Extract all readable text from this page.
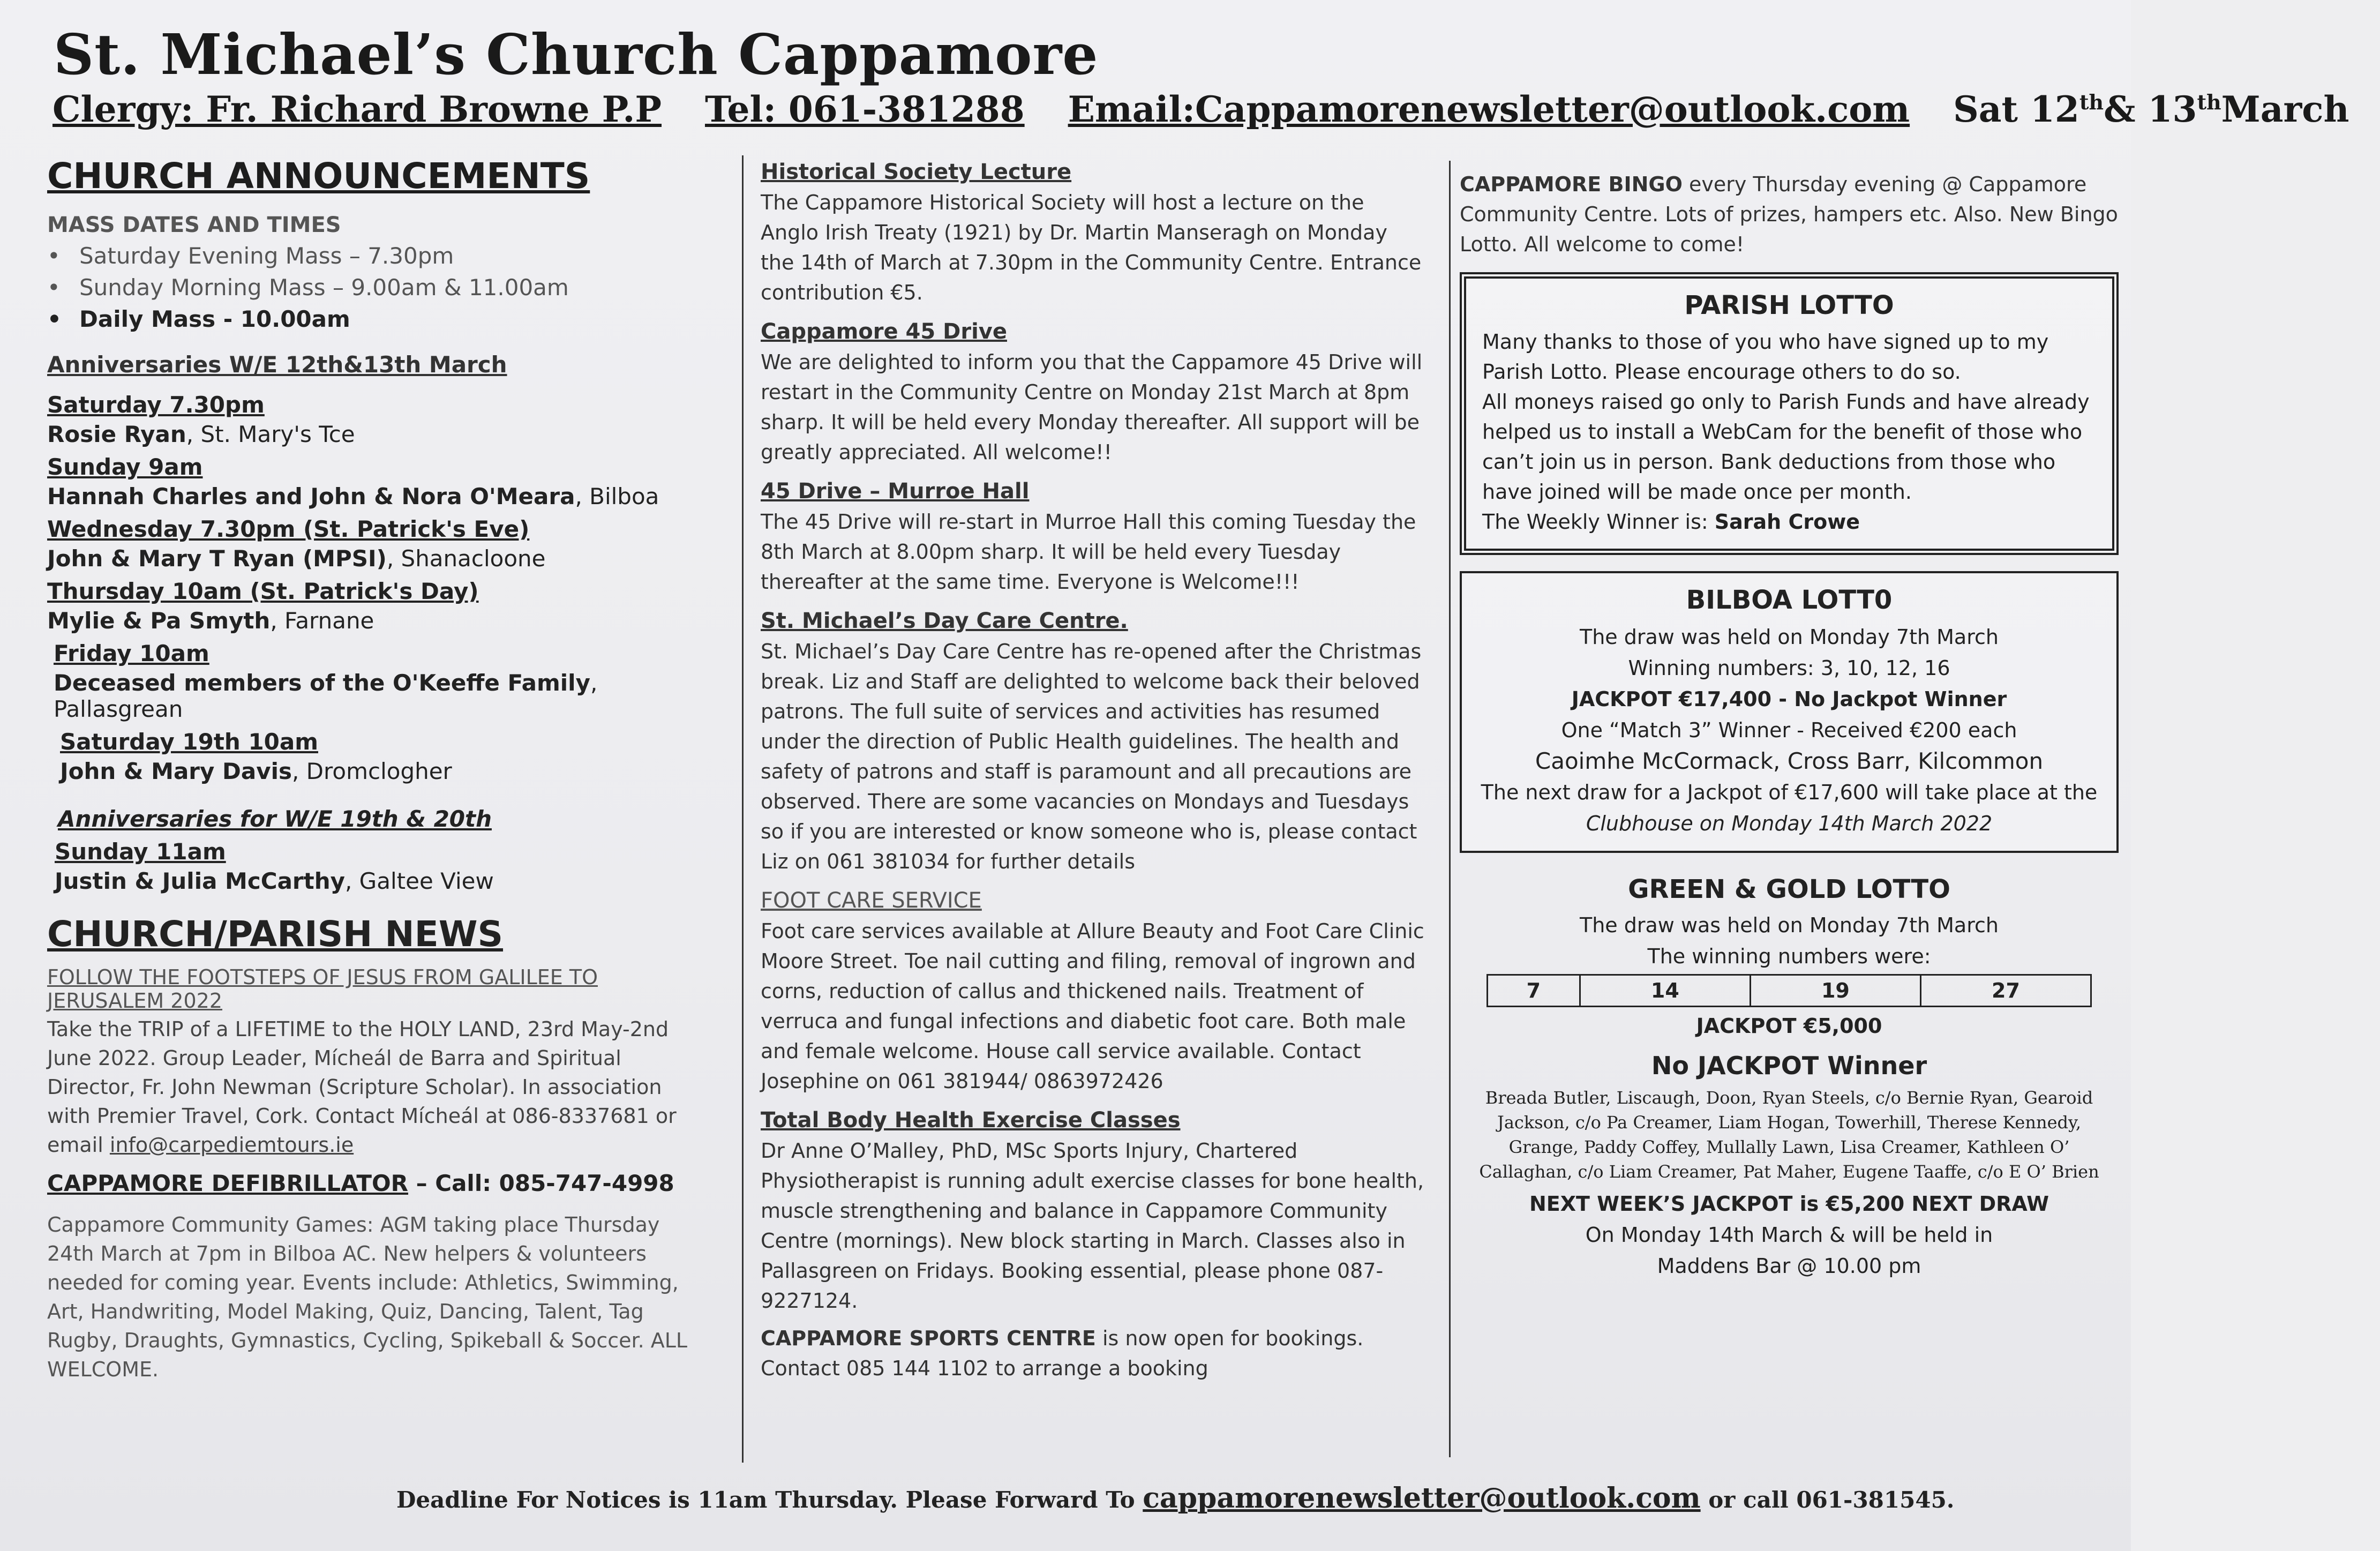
St. Michael’s Church Cappamore
Clergy: Fr. Richard Browne P.P Tel: 061-381288 Email:Cappamorenewsletter@outlook.com Sat 12th& 13thMarch
CHURCH ANNOUNCEMENTS
MASS DATES AND TIMES
• Saturday Evening Mass – 7.30pm
• Sunday Morning Mass – 9.00am & 11.00am
• Daily Mass - 10.00am
Anniversaries W/E 12th&13th March
Saturday 7.30pm
Rosie Ryan, St. Mary's Tce
Sunday 9am
Hannah Charles and John & Nora O'Meara, Bilboa
Wednesday 7.30pm (St. Patrick's Eve)
John & Mary T Ryan (MPSI), Shanacloone
Thursday 10am (St. Patrick's Day)
Mylie & Pa Smyth, Farnane
Friday 10am
Deceased members of the O'Keeffe Family, Pallasgrean
Saturday 19th 10am
John & Mary Davis, Dromclogher
Anniversaries for W/E 19th & 20th
Sunday 11am
Justin & Julia McCarthy, Galtee View
CHURCH/PARISH NEWS
FOLLOW THE FOOTSTEPS OF JESUS FROM GALILEE TO JERUSALEM 2022
Take the TRIP of a LIFETIME to the HOLY LAND, 23rd May-2nd June 2022. Group Leader, Mícheál de Barra and Spiritual Director, Fr. John Newman (Scripture Scholar). In association with Premier Travel, Cork. Contact Mícheál at 086-8337681 or email info@carpediemtours.ie
CAPPAMORE DEFIBRILLATOR – Call: 085-747-4998
Cappamore Community Games: AGM taking place Thursday 24th March at 7pm in Bilboa AC. New helpers & volunteers needed for coming year. Events include: Athletics, Swimming, Art, Handwriting, Model Making, Quiz, Dancing, Talent, Tag Rugby, Draughts, Gymnastics, Cycling, Spikeball & Soccer. ALL WELCOME.
Historical Society Lecture
The Cappamore Historical Society will host a lecture on the Anglo Irish Treaty (1921) by Dr. Martin Manseragh on Monday the 14th of March at 7.30pm in the Community Centre. Entrance contribution €5.
Cappamore 45 Drive
We are delighted to inform you that the Cappamore 45 Drive will restart in the Community Centre on Monday 21st March at 8pm sharp. It will be held every Monday thereafter. All support will be greatly appreciated. All welcome!!
45 Drive – Murroe Hall
The 45 Drive will re-start in Murroe Hall this coming Tuesday the 8th March at 8.00pm sharp. It will be held every Tuesday thereafter at the same time. Everyone is Welcome!!!
St. Michael’s Day Care Centre.
St. Michael’s Day Care Centre has re-opened after the Christmas break. Liz and Staff are delighted to welcome back their beloved patrons. The full suite of services and activities has resumed under the direction of Public Health guidelines. The health and safety of patrons and staff is paramount and all precautions are observed. There are some vacancies on Mondays and Tuesdays so if you are interested or know someone who is, please contact Liz on 061 381034 for further details
FOOT CARE SERVICE
Foot care services available at Allure Beauty and Foot Care Clinic Moore Street. Toe nail cutting and filing, removal of ingrown and corns, reduction of callus and thickened nails. Treatment of verruca and fungal infections and diabetic foot care. Both male and female welcome. House call service available. Contact Josephine on 061 381944/ 0863972426
Total Body Health Exercise Classes
Dr Anne O’Malley, PhD, MSc Sports Injury, Chartered Physiotherapist is running adult exercise classes for bone health, muscle strengthening and balance in Cappamore Community Centre (mornings). New block starting in March. Classes also in Pallasgreen on Fridays. Booking essential, please phone 087-9227124.
CAPPAMORE SPORTS CENTRE is now open for bookings. Contact 085 144 1102 to arrange a booking
CAPPAMORE BINGO every Thursday evening @ Cappamore Community Centre. Lots of prizes, hampers etc. Also. New Bingo Lotto. All welcome to come!
PARISH LOTTO
Many thanks to those of you who have signed up to my Parish Lotto. Please encourage others to do so.
All moneys raised go only to Parish Funds and have already helped us to install a WebCam for the benefit of those who can’t join us in person. Bank deductions from those who have joined will be made once per month.
The Weekly Winner is: Sarah Crowe
BILBOA LOTT0
The draw was held on Monday 7th March
Winning numbers: 3, 10, 12, 16
JACKPOT €17,400 - No Jackpot Winner
One “Match 3” Winner - Received €200 each
Caoimhe McCormack, Cross Barr, Kilcommon
The next draw for a Jackpot of €17,600 will take place at the
Clubhouse on Monday 14th March 2022
GREEN & GOLD LOTTO
The draw was held on Monday 7th March
The winning numbers were:
7	14	19	27
JACKPOT €5,000
No JACKPOT Winner
Breada Butler, Liscaugh, Doon, Ryan Steels, c/o Bernie Ryan, Gearoid Jackson, c/o Pa Creamer, Liam Hogan, Towerhill, Therese Kennedy, Grange, Paddy Coffey, Mullally Lawn, Lisa Creamer, Kathleen O’ Callaghan, c/o Liam Creamer, Pat Maher, Eugene Taaffe, c/o E O’ Brien
NEXT WEEK’S JACKPOT is €5,200 NEXT DRAW
On Monday 14th March & will be held in
Maddens Bar @ 10.00 pm
Deadline For Notices is 11am Thursday. Please Forward To cappamorenewsletter@outlook.com or call 061-381545.
